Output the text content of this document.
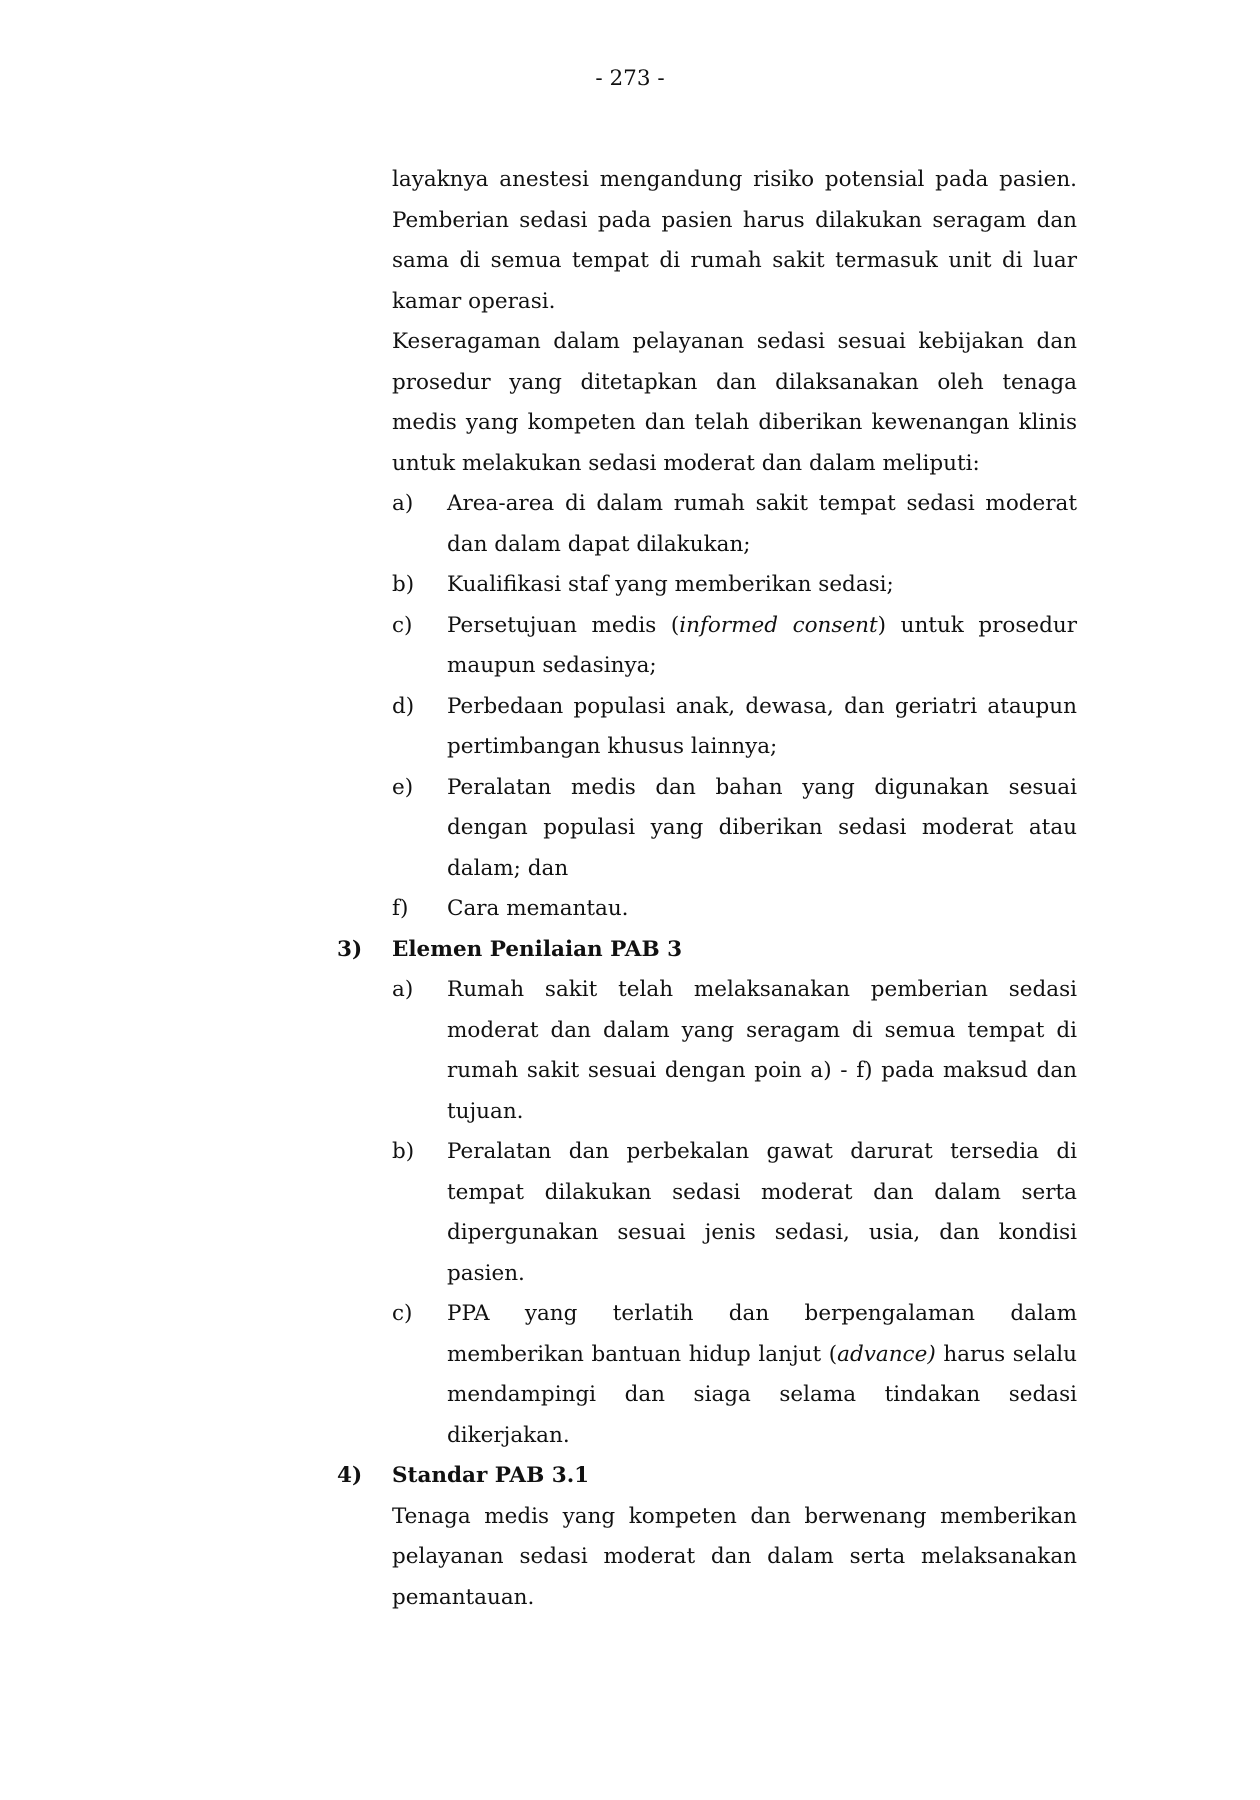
- 273 -

layaknya anestesi mengandung risiko potensial pada pasien. Pemberian sedasi pada pasien harus dilakukan seragam dan sama di semua tempat di rumah sakit termasuk unit di luar kamar operasi.

Keseragaman dalam pelayanan sedasi sesuai kebijakan dan prosedur yang ditetapkan dan dilaksanakan oleh tenaga medis yang kompeten dan telah diberikan kewenangan klinis untuk melakukan sedasi moderat dan dalam meliputi:

a)	Area-area di dalam rumah sakit tempat sedasi moderat dan dalam dapat dilakukan;
b)	Kualifikasi staf yang memberikan sedasi;
c)	Persetujuan medis (informed consent) untuk prosedur maupun sedasinya;
d)	Perbedaan populasi anak, dewasa, dan geriatri ataupun pertimbangan khusus lainnya;
e)	Peralatan medis dan bahan yang digunakan sesuai dengan populasi yang diberikan sedasi moderat atau dalam; dan
f)	Cara memantau.
3)	Elemen Penilaian PAB 3
a)	Rumah sakit telah melaksanakan pemberian sedasi moderat dan dalam yang seragam di semua tempat di rumah sakit sesuai dengan poin a) - f) pada maksud dan tujuan.
b)	Peralatan dan perbekalan gawat darurat tersedia di tempat dilakukan sedasi moderat dan dalam serta dipergunakan sesuai jenis sedasi, usia, dan kondisi pasien.
c)	PPA yang terlatih dan berpengalaman dalam memberikan bantuan hidup lanjut (advance) harus selalu mendampingi dan siaga selama tindakan sedasi dikerjakan.
4)	Standar PAB 3.1

Tenaga medis yang kompeten dan berwenang memberikan pelayanan sedasi moderat dan dalam serta melaksanakan pemantauan.
